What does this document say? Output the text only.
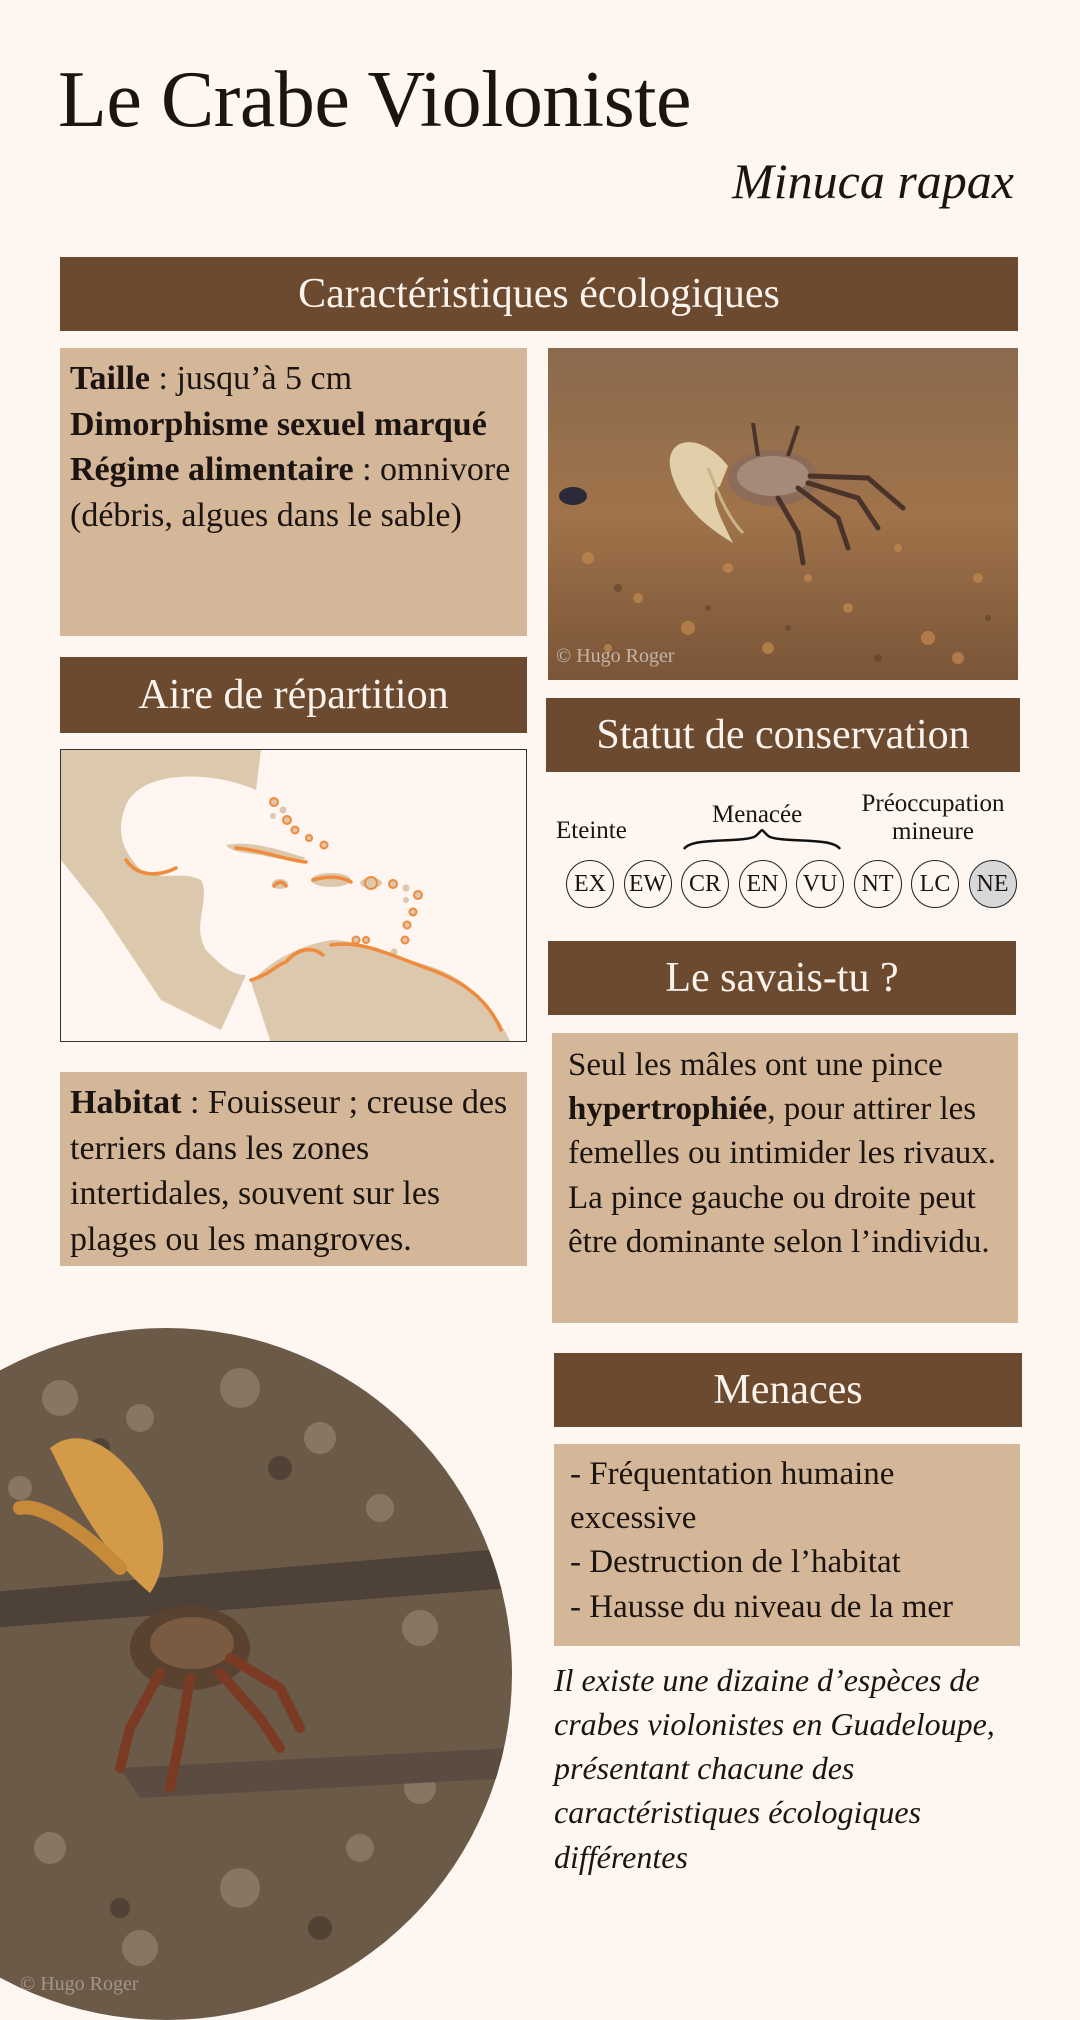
Le Crabe Violoniste
Minuca rapax
Caractéristiques écologiques
Taille : jusqu’à 5 cm
Dimorphisme sexuel marqué
Régime alimentaire : omnivore (débris, algues dans le sable)
© Hugo Roger
Aire de répartition
Statut de conservation
Eteinte
Menacée	Préoccupation mineure
EX EW CR	EN	VU	NT	LC	NE
Le savais-tu ?
Seul les mâles ont une pince hypertrophiée, pour attirer les femelles ou intimider les rivaux. La pince gauche ou droite peut être dominante selon l’individu.
Habitat : Fouisseur ; creuse des terriers dans les zones intertidales, souvent sur les plages ou les mangroves.
Menaces
- Fréquentation humaine excessive
- Destruction de l’habitat
- Hausse du niveau de la mer
Il existe une dizaine d’espèces de crabes violonistes en Guadeloupe, présentant chacune des caractéristiques écologiques différentes
© Hugo Roger
